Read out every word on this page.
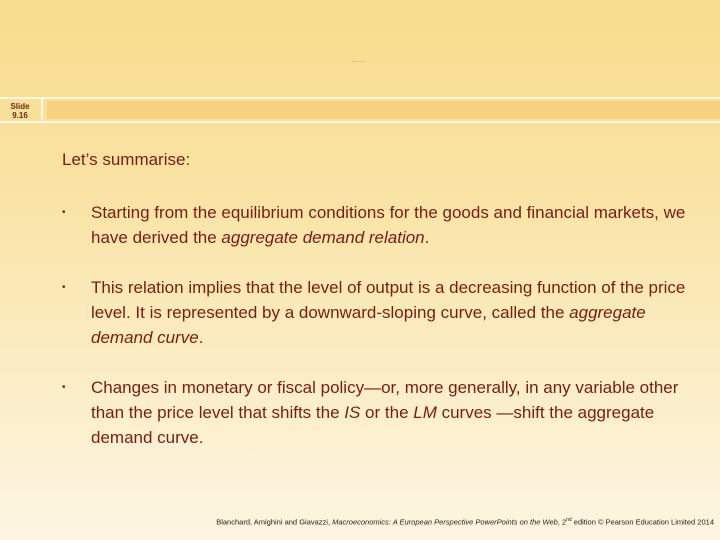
.......
Slide
9.16

Let’s summarise:

• Starting from the equilibrium conditions for the goods and financial markets, we have derived the aggregate demand relation.
• This relation implies that the level of output is a decreasing function of the price level. It is represented by a downward-sloping curve, called the aggregate demand curve.
• Changes in monetary or fiscal policy—or, more generally, in any variable other than the price level that shifts the IS or the LM curves —shift the aggregate demand curve.
Blanchard, Amighini and Giavazzi, Macroeconomics: A European Perspective PowerPoints on the Web, 2nd edition © Pearson Education Limited 2014
